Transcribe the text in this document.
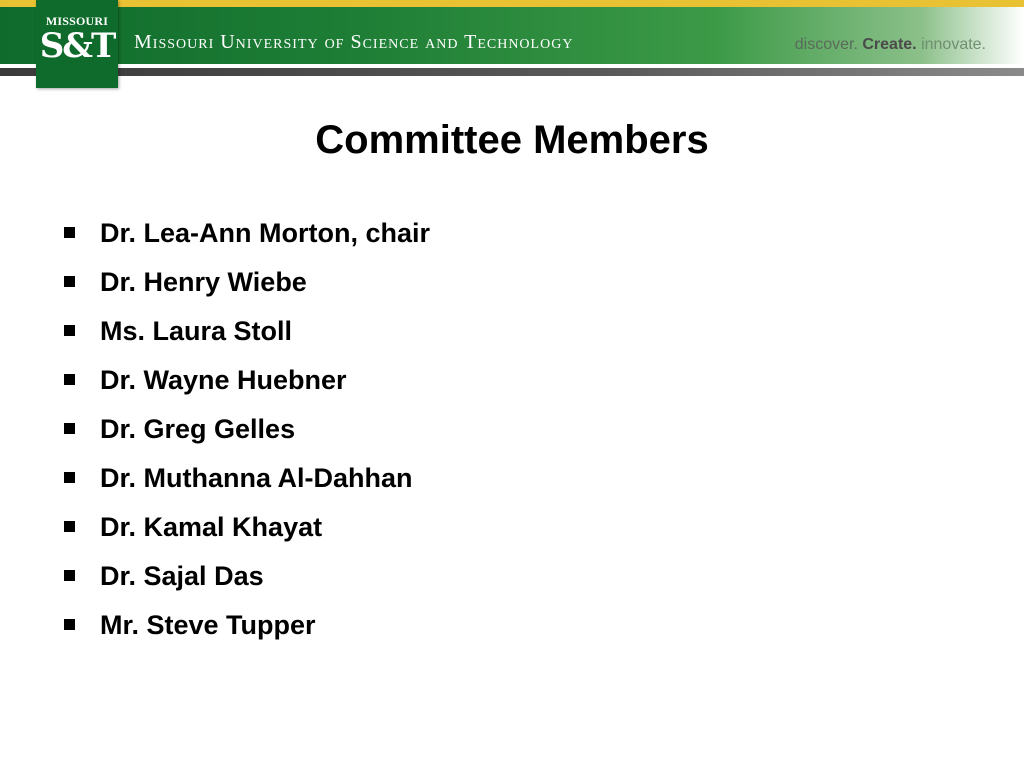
Missouri University of Science and Technology	discover. Create. innovate.
MISSOURI
S&T
Committee Members
Dr. Lea-Ann Morton, chair
Dr. Henry Wiebe
Ms. Laura Stoll
Dr. Wayne Huebner
Dr. Greg Gelles
Dr. Muthanna Al-Dahhan
Dr. Kamal Khayat
Dr. Sajal Das
Mr. Steve Tupper
